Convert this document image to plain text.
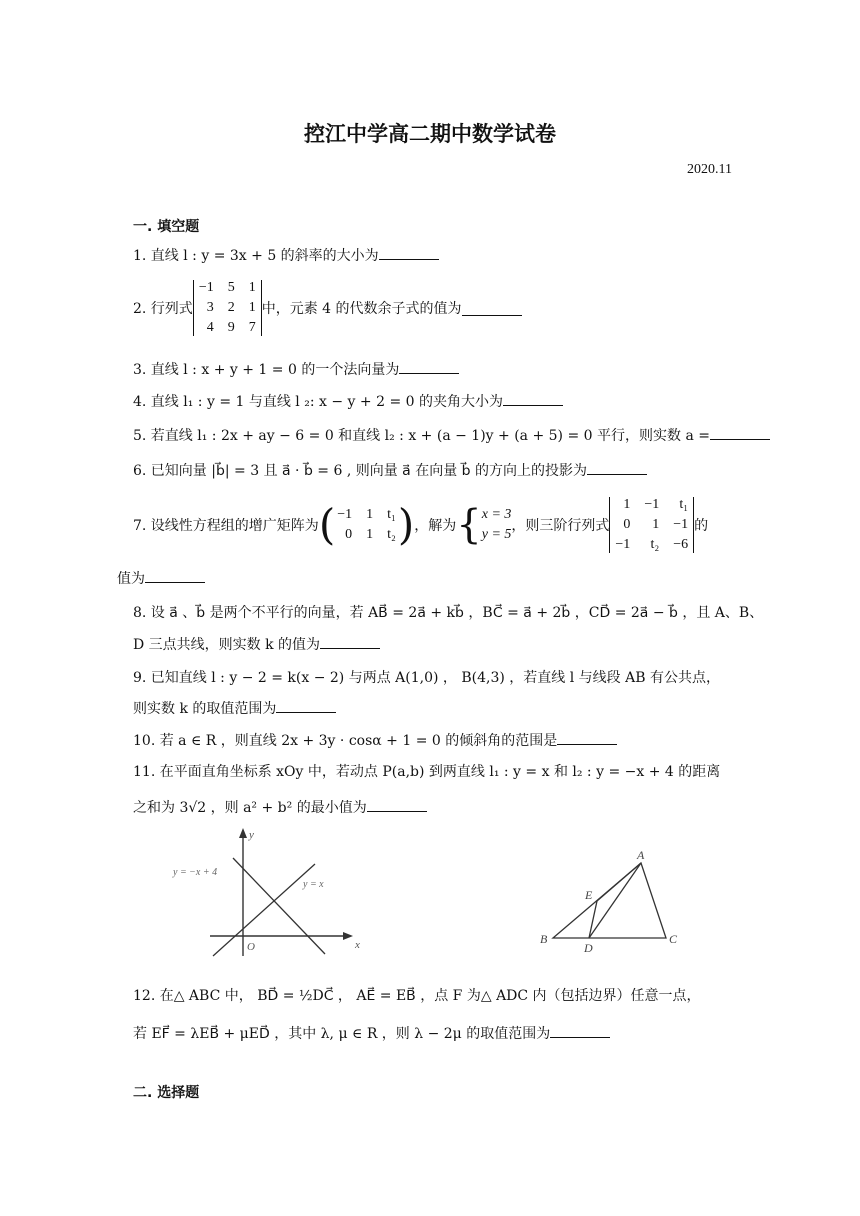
控江中学高二期中数学试卷
2020.11
一. 填空题
1. 直线 l : y = 3x + 5 的斜率的大小为
2. 行列式
−1 5 1
3 2 1
4 9 7
中，元素 4 的代数余子式的值为
3. 直线 l : x + y + 1 = 0 的一个法向量为
4. 直线 l₁ : y = 1 与直线 l ₂: x − y + 2 = 0 的夹角大小为
5. 若直线 l₁ : 2x + ay − 6 = 0 和直线 l₂ : x + (a − 1)y + (a + 5) = 0 平行，则实数 a =
6. 已知向量 |b⃗| = 3 且 a⃗ · b⃗ = 6 , 则向量 a⃗ 在向量 b⃗ 的方向上的投影为
7. 设线性方程组的增广矩阵为 ( −1 1 t₁
0 1 t₂ ) ，解为 { x = 3
y = 5
，则三阶行列式
1 −1	t₁
0	1 −1
−1	t₂ −6
的
值为
8. 设 a⃗ 、b⃗ 是两个不平行的向量，若 AB⃗ = 2a⃗ + kb⃗ ，BC⃗ = a⃗ + 2b⃗ ，CD⃗ = 2a⃗ − b⃗ ，且 A、B、
D 三点共线，则实数 k 的值为
9. 已知直线 l : y − 2 = k(x − 2) 与两点 A(1,0) ， B(4,3) ，若直线 l 与线段 AB 有公共点，
则实数 k 的取值范围为
10. 若 a ∈ R ，则直线 2x + 3y · cosα + 1 = 0 的倾斜角的范围是
11. 在平面直角坐标系 xOy 中，若动点 P(a,b) 到两直线 l₁ : y = x 和 l₂ : y = −x + 4 的距离
之和为 3√2 ，则 a² + b² 的最小值为
y
x
O
y = −x + 4
y = x
A
B	C
D
E
12. 在△ ABC 中， BD⃗ = ½DC⃗ ， AE⃗ = EB⃗ ，点 F 为△ ADC 内（包括边界）任意一点，
若 EF⃗ = λEB⃗ + μED⃗ ，其中 λ, μ ∈ R ，则 λ − 2μ 的取值范围为
二. 选择题
